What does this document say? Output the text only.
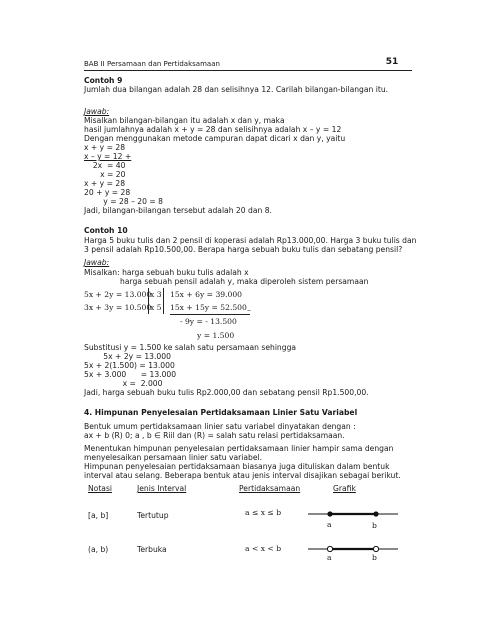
BAB II Persamaan dan Pertidaksamaan	51
Contoh 9
Jumlah dua bilangan adalah 28 dan selisihnya 12. Carilah bilangan-bilangan itu.
Jawab:
Misalkan bilangan-bilangan itu adalah x dan y, maka
hasil jumlahnya adalah x + y = 28 dan selisihnya adalah x – y = 12
Dengan menggunakan metode campuran dapat dicari x dan y, yaitu
x + y = 28
x – y = 12 +
2x  = 40
x = 20
x + y = 28
20 + y = 28
y = 28 – 20 = 8
Jadi, bilangan-bilangan tersebut adalah 20 dan 8.
Contoh 10
Harga 5 buku tulis dan 2 pensil di koperasi adalah Rp13.000,00. Harga 3 buku tulis dan
3 pensil adalah Rp10.500,00. Berapa harga sebuah buku tulis dan sebatang pensil?
Jawab:
Misalkan: harga sebuah buku tulis adalah x
harga sebuah pensil adalah y, maka diperoleh sistem persamaan
5x + 2y = 13.000
x 3
3x + 3y = 10.500
x 5
15x + 6y = 39.000
15x + 15y = 52.500 –
- 9y = - 13.500
y = 1.500
Substitusi y = 1.500 ke salah satu persamaan sehingga
5x + 2y = 13.000
5x + 2(1.500) = 13.000
5x + 3.000      = 13.000
x =  2.000
Jadi, harga sebuah buku tulis Rp2.000,00 dan sebatang pensil Rp1.500,00.
4. Himpunan Penyelesaian Pertidaksamaan Linier Satu Variabel
Bentuk umum pertidaksamaan linier satu variabel dinyatakan dengan :
ax + b (R) 0; a , b ∈ Riil dan (R) = salah satu relasi pertidaksamaan.
Menentukan himpunan penyelesaian pertidaksamaan linier hampir sama dengan
menyelesaikan persamaan linier satu variabel.
Himpunan penyelesaian pertidaksamaan biasanya juga dituliskan dalam bentuk
interval atau selang. Beberapa bentuk atau jenis interval disajikan sebagai berikut.
Notasi	Jenis Interval	Pertidaksamaan	Grafik
[a, b]	Tertutup	a ≤ x ≤ b
a	b
(a, b)	Terbuka	a < x < b
a	b
